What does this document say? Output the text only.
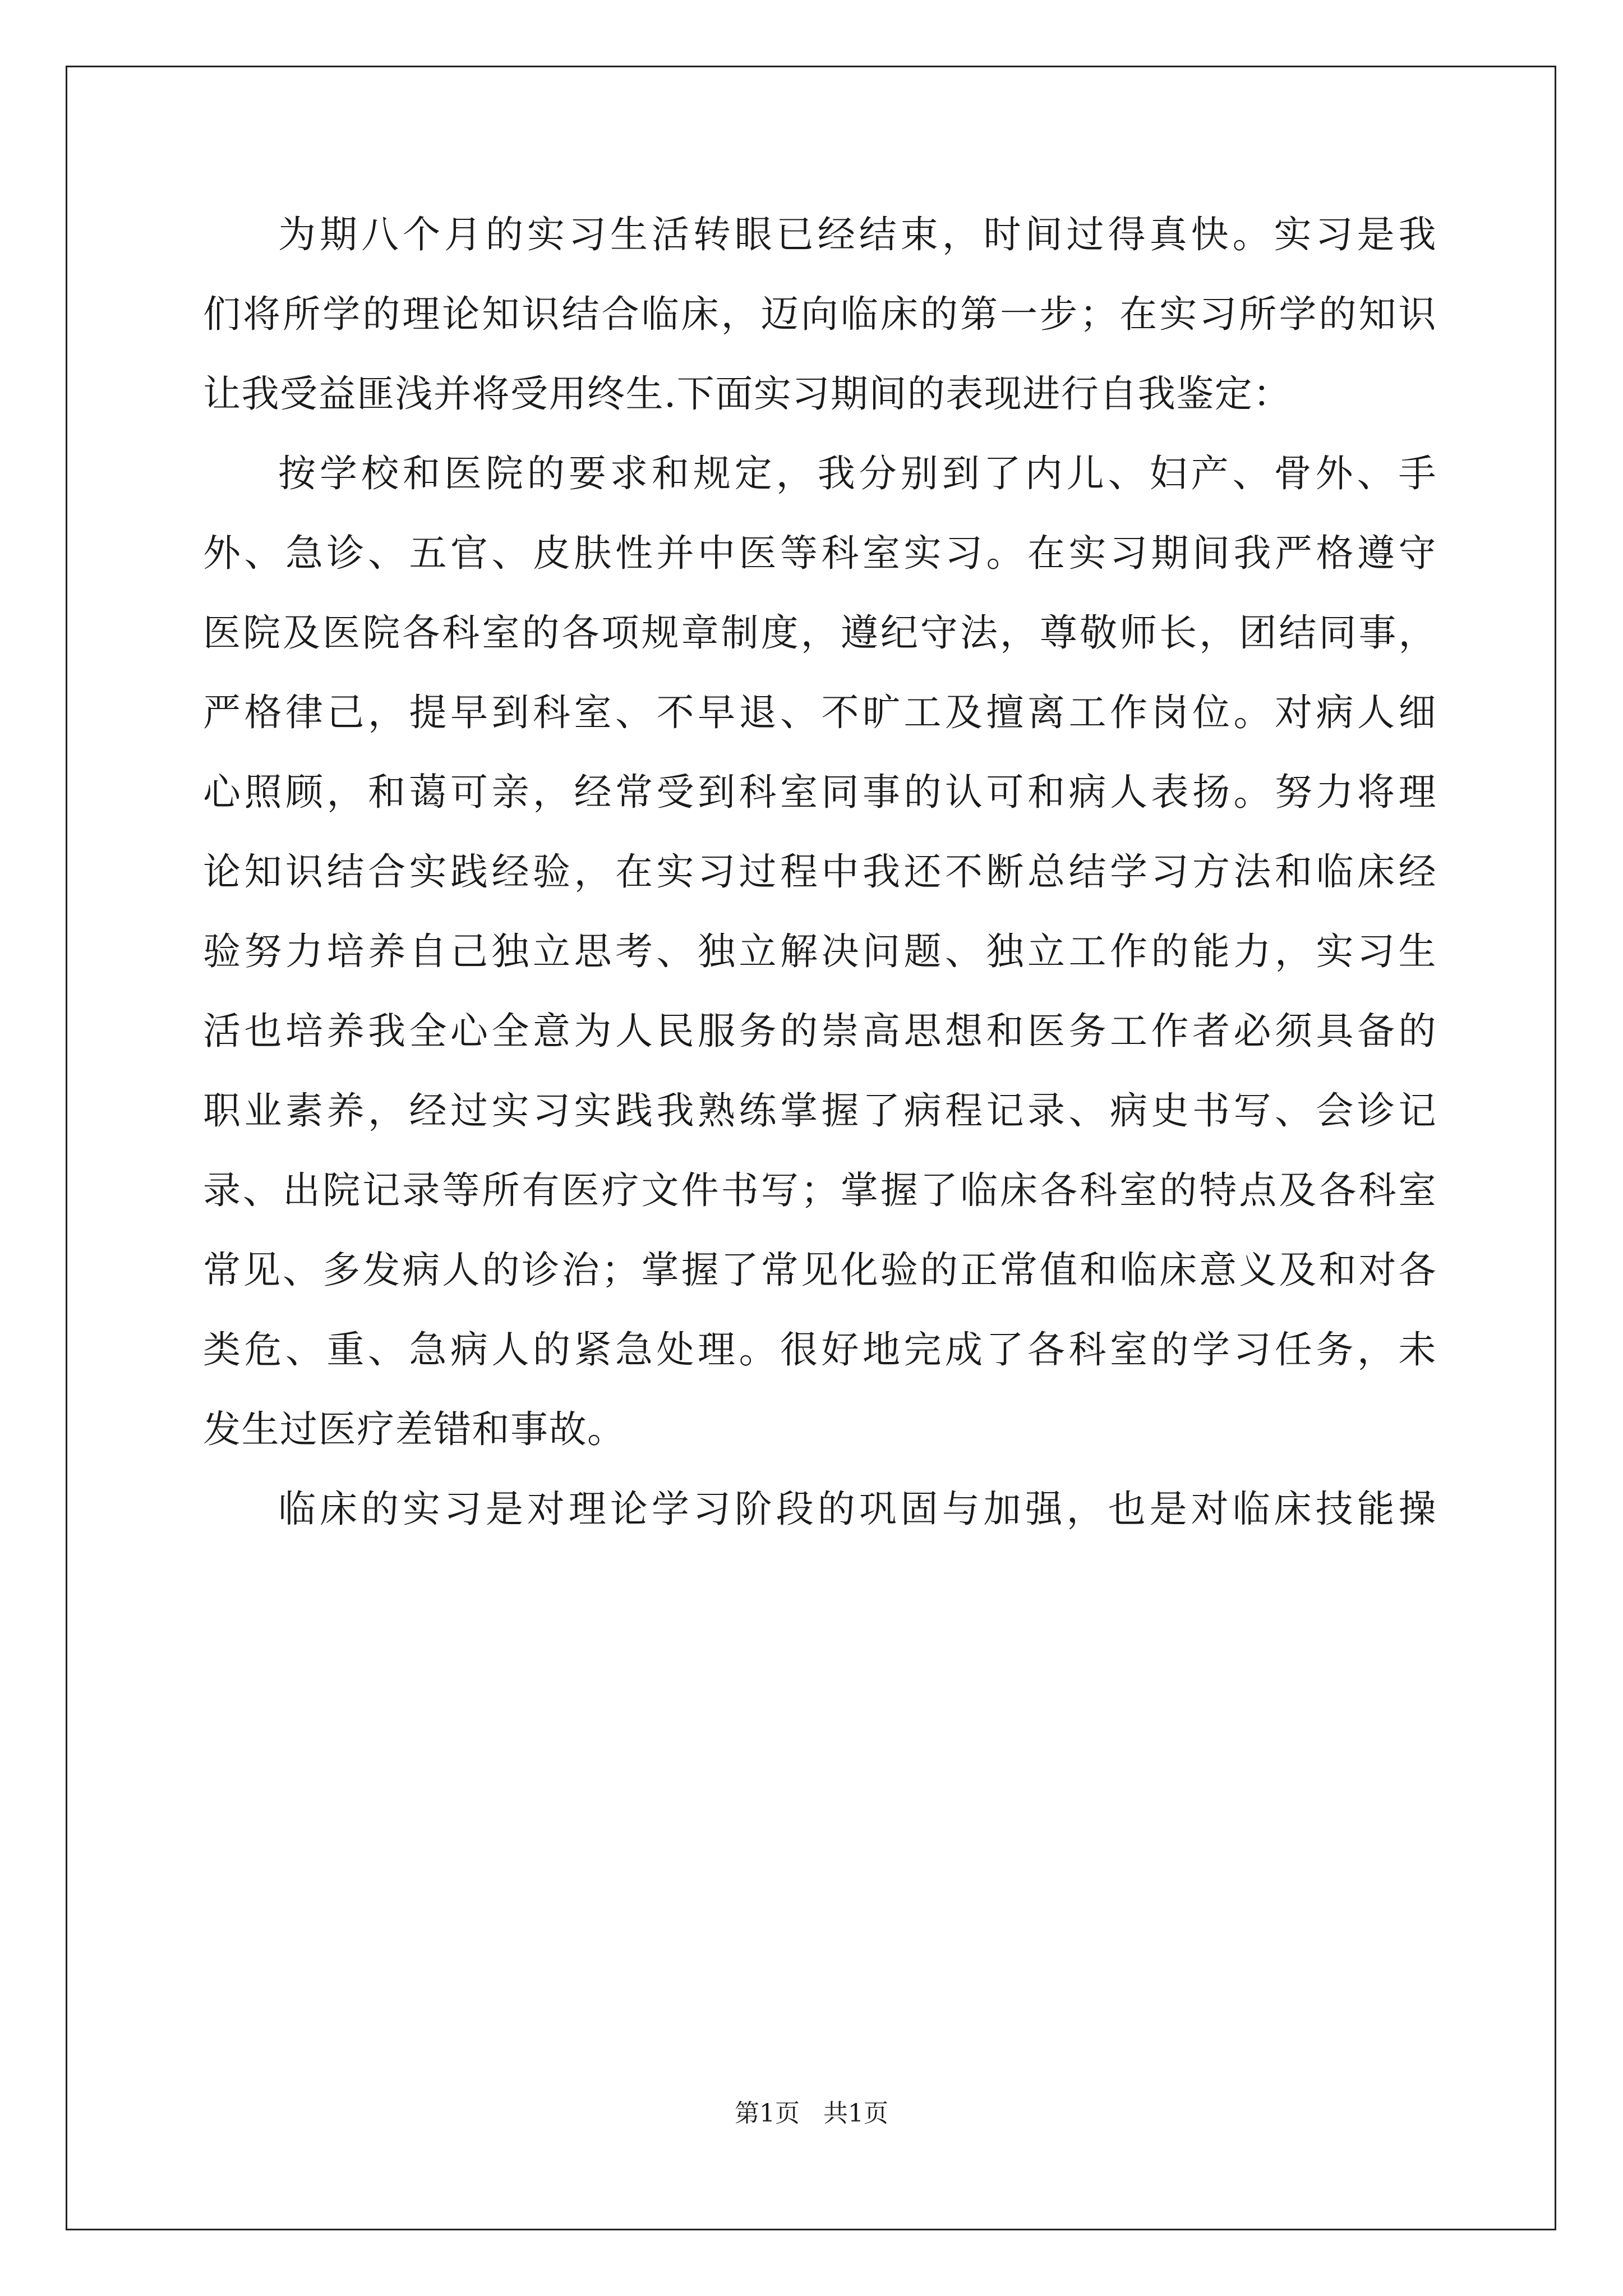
为期八个月的实习生活转眼已经结束，时间过得真快。实习是我
们将所学的理论知识结合临床，迈向临床的第一步；在实习所学的知识
让我受益匪浅并将受用终生.下面实习期间的表现进行自我鉴定：
按学校和医院的要求和规定，我分别到了内儿、妇产、骨外、手
外、急诊、五官、皮肤性并中医等科室实习。在实习期间我严格遵守
医院及医院各科室的各项规章制度，遵纪守法，尊敬师长，团结同事，
严格律己，提早到科室、不早退、不旷工及擅离工作岗位。对病人细
心照顾，和蔼可亲，经常受到科室同事的认可和病人表扬。努力将理
论知识结合实践经验，在实习过程中我还不断总结学习方法和临床经
验努力培养自己独立思考、独立解决问题、独立工作的能力，实习生
活也培养我全心全意为人民服务的崇高思想和医务工作者必须具备的
职业素养，经过实习实践我熟练掌握了病程记录、病史书写、会诊记
录、出院记录等所有医疗文件书写；掌握了临床各科室的特点及各科室
常见、多发病人的诊治；掌握了常见化验的正常值和临床意义及和对各
类危、重、急病人的紧急处理。很好地完成了各科室的学习任务，未
发生过医疗差错和事故。
临床的实习是对理论学习阶段的巩固与加强，也是对临床技能操
第1页   共1页
